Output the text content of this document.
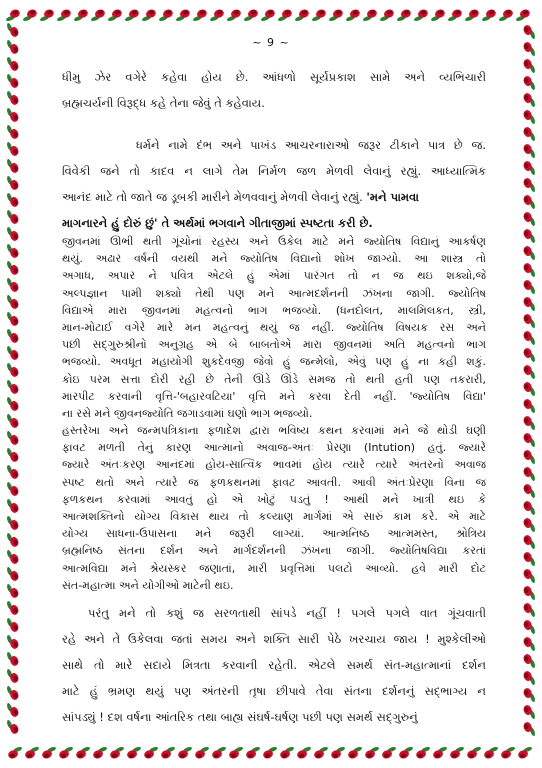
~ 9 ~
ધીમુ ઝેર વગેરે કહેવા હોય છે. આંધળો સૂર્યપ્રકાશ સામે અને વ્યભિચારી
બ્રહ્મચર્યની વિરૂદ્ધ કહે તેના જેવું તે કહેવાય.
ધર્મને નામે દંભ અને પાખંડ આચરનારાઓ જરૂર ટીકાને પાત્ર છે જ.
વિવેકી જને તો કાદવ ન લાગે તેમ નિર્મળ જળ મેળવી લેવાનું રહ્યું. આધ્યાત્મિક
આનંદ માટે તો જાતે જ ડૂબકી મારીને મેળવવાનું મેળવી લેવાનું રહ્યું. 'મને પામવા
માગનારને હું દોરું છું' તે અર્થમાં ભગવાને ગીતાજીમાં સ્પષ્ટતા કરી છે.
જીવનમાં ઊભી થતી ગૂંચોનાં રહસ્ય અને ઉકેલ માટે મને જ્યોતિષ વિદ્યાનું આકર્ષણ
થયું. અઢાર વર્ષની વયથી મને જ્યોતિષ વિદ્યાનો શોખ જાગ્યો. આ શાસ્ત્ર તો
અગાધ, અપાર ને પવિત્ર એટલે હું એમાં પારંગત તો ન જ થઇ શક્યો,જે
અલ્પજ્ઞાન પામી શક્યો તેથી પણ મને આત્મદર્શનની ઝંખના જાગી. જ્યોતિષ
વિદ્યાએ મારા જીવનમાં મહત્વનો ભાગ ભજવ્યો. (ધનદોલત, માલમિલકત, સ્ત્રી,
માન-મોટાઈ વગેરે મારે મન મહત્વનું થયું જ નહીં. જ્યોતિષ વિષયક રસ અને
પછી સદ્ગુરુશ્રીનો અનુગ્રહ એ બે બાબતોએ મારા જીવનમાં અતિ મહત્વનો ભાગ
ભજવ્યો. અવધૂત મહાયોગી શુકદેવજી જેવો હું જન્મેલો, એવું પણ હું ના કહી શકું.
કોઇ પરમ સત્તા દોરી રહી છે તેની ઊંડે ઊંડે સમજ તો થતી હતી પણ તકરારી,
મારપીટ કરવાની વૃત્તિ-'બહારવટિયા' વૃત્તિ મને કરવા દેતી નહીં. 'જ્યોતિષ વિદ્યા'
ના રસે મને જીવનજ્યોતિ જગાડવામાં ઘણો ભાગ ભજવ્યો.
હસ્તરેખા અને જન્મપત્રિકાના ફળાદેશ દ્વારા ભવિષ્ય કથન કરવામાં મને જે થોડી ઘણી
ફાવટ મળતી તેનું કારણ આત્માનો અવાજ-અંતઃ પ્રેરણા (Intution) હતું. જ્યારે
જ્યારે અંતઃકરણ આનંદમાં હોય-સાત્વિક ભાવમાં હોય ત્યારે ત્યારે અંતરનો અવાજ
સ્પષ્ટ થતો અને ત્યારે જ ફળકથનમાં ફાવટ આવતી. આવી અંતઃપ્રેરણા વિના જ
ફળકથન કરવામાં આવતું હો એ ખોટું પડતું ! આથી મને ખાત્રી થઇ કે
આત્મશક્તિનો યોગ્ય વિકાસ થાય તો કલ્યાણ માર્ગમાં એ સારું કામ કરે. એ માટે
યોગ્ય સાધના-ઉપાસના મને જરૂરી લાગ્યાં. આત્મનિષ્ઠ આત્મમસ્ત, શ્રોત્રિય
બ્રહ્મનિષ્ઠ સંતના દર્શન અને માર્ગદર્શનની ઝંખના જાગી. જ્યોતિષવિદ્યા કરતાં
આત્મવિદ્યા મને શ્રેયસ્કર જણાતાં, મારી પ્રવૃત્તિમાં પલટો આવ્યો. હવે મારી દોટ
સંત-મહાત્મા અને યોગીઓ માટેની થઇ.
પરંતુ મને તો કશું જ સરળતાથી સાંપડે નહીં ! પગલે પગલે વાત ગૂંચવાતી
રહે અને તે ઉકેલવા જતાં સમય અને શક્તિ સારી પેઠે ખરચાય જાય ! મુશ્કેલીઓ
સાથે તો મારે સદાયે મિત્રતા કરવાની રહેતી. એટલે સમર્થ સંત-મહાત્માનાં દર્શન
માટે હું ભ્રમણ થયું પણ અંતરની તૃષા છીપાવે તેવા સંતના દર્શનનું સદ્ભાગ્ય ન
સાંપડ્યું ! દશ વર્ષના આંતરિક તથા બાહ્ય સંઘર્ષ-ઘર્ષણ પછી પણ સમર્થ સદ્ગુરુનું
